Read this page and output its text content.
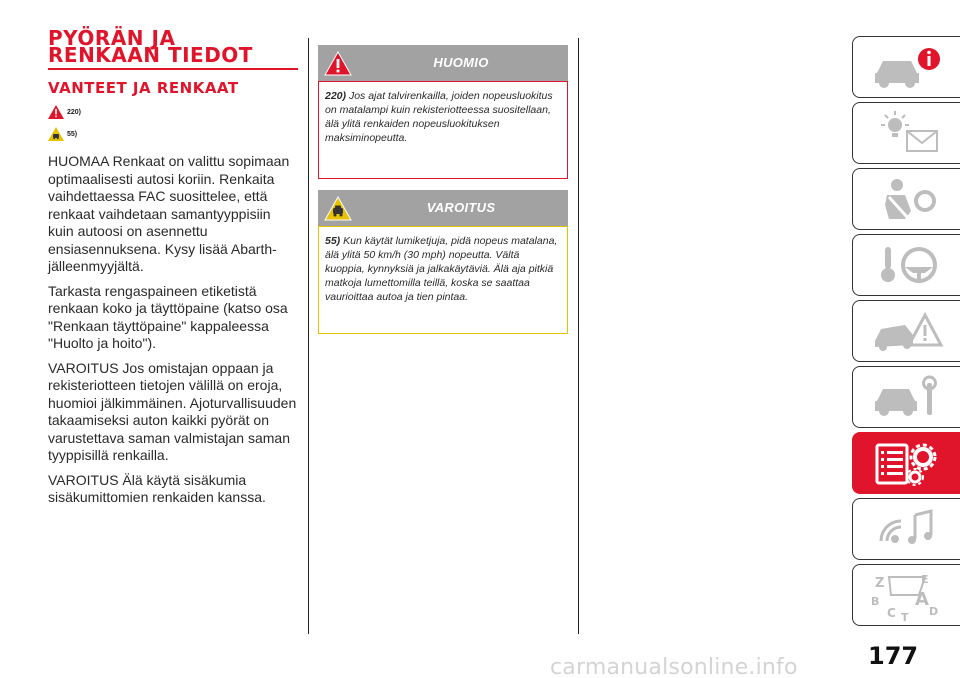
PYÖRÄN JA
RENKAAN TIEDOT
VANTEET JA RENKAAT
220)
55)

HUOMAA Renkaat on valittu sopimaan optimaalisesti autosi koriin. Renkaita vaihdettaessa FAC suosittelee, että renkaat vaihdetaan samantyyppisiin kuin autoosi on asennettu ensiasennuksena. Kysy lisää Abarth-jälleenmyyjältä.

Tarkasta rengaspaineen etiketistä renkaan koko ja täyttöpaine (katso osa "Renkaan täyttöpaine" kappaleessa "Huolto ja hoito").

VAROITUS Jos omistajan oppaan ja rekisteriotteen tietojen välillä on eroja, huomioi jälkimmäinen. Ajoturvallisuuden takaamiseksi auton kaikki pyörät on varustettava saman valmistajan saman tyyppisillä renkailla.

VAROITUS Älä käytä sisäkumia sisäkumittomien renkaiden kanssa.

HUOMIO
220) Jos ajat talvirenkailla, joiden nopeusluokitus on matalampi kuin rekisteriotteessa suositellaan, älä ylitä renkaiden nopeusluokituksen maksiminopeutta.
VAROITUS
55) Kun käytät lumiketjuja, pidä nopeus matalana, älä ylitä 50 km/h (30 mph) nopeutta. Vältä kuoppia, kynnyksiä ja jalkakäytäviä. Älä aja pitkiä matkoja lumettomilla teillä, koska se saattaa vaurioittaa autoa ja tien pintaa.
Z	E
B A
C T D
177
carmanualsonline.info
